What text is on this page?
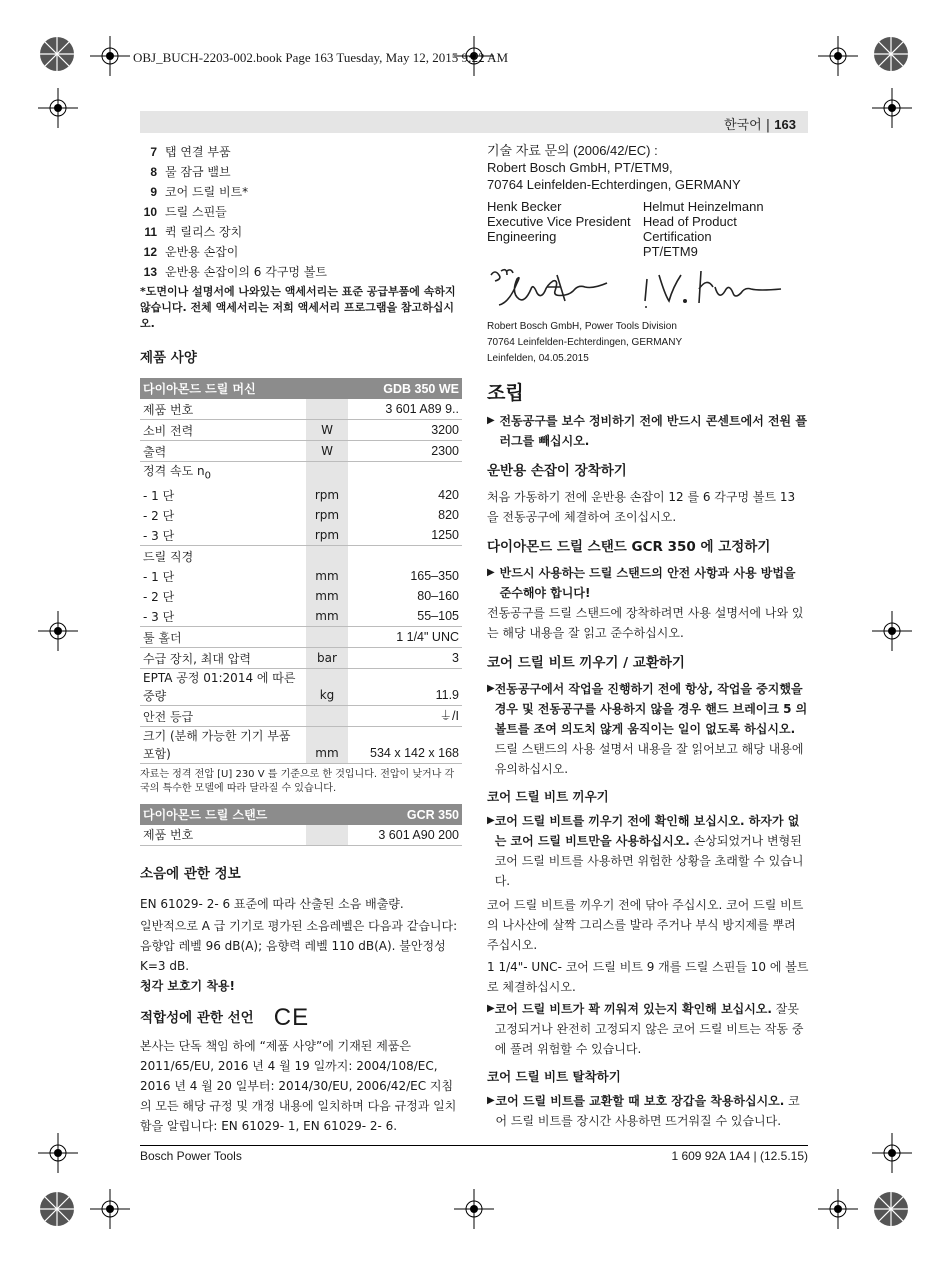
OBJ_BUCH-2203-002.book Page 163 Tuesday, May 12, 2015 9:22 AM
한국어 | 163
7 탭 연결 부품
8 물 잠금 밸브
9 코어 드릴 비트*
10 드릴 스핀들
11 퀵 릴리스 장치
12 운반용 손잡이
13 운반용 손잡이의 6 각구멍 볼트
*도면이나 설명서에 나와있는 액세서리는 표준 공급부품에 속하지 않습니다. 전체 액세서리는 저희 액세서리 프로그램을 참고하십시오.
제품 사양
다이아몬드 드릴 머신		GDB 350 WE
제품 번호		3 601 A89 9..
소비 전력	W	3200
출력	W	2300
정격 속도 $n_0$		
- 1 단	rpm	420
- 2 단	rpm	820
- 3 단	rpm	1250
드릴 직경		
- 1 단	mm	165–350
- 2 단	mm	80–160
- 3 단	mm	55–105
툴 홀더		1 1/4" UNC
수급 장치, 최대 압력	bar	3
EPTA 공정 01:2014 에 따른 중량	kg	11.9
안전 등급		⏚/I
크기 (분해 가능한 기기 부품 포함)	mm	534 x 142 x 168
자료는 정격 전압 [U] 230 V 를 기준으로 한 것입니다. 전압이 낮거나 각국의 특수한 모델에 따라 달라질 수 있습니다.
다이아몬드 드릴 스탠드		GCR 350
제품 번호		3 601 A90 200
소음에 관한 정보
EN 61029- 2- 6 표준에 따라 산출된 소음 배출량.
일반적으로 A 급 기기로 평가된 소음레벨은 다음과 같습니다: 음향압 레벨 96 dB(A); 음향력 레벨 110 dB(A). 불안정성 K=3 dB.
청각 보호기 착용!
적합성에 관한 선언 CE
본사는 단독 책임 하에 “제품 사양”에 기재된 제품은 2011/65/EU, 2016 년 4 월 19 일까지: 2004/108/EC, 2016 년 4 월 20 일부터: 2014/30/EU, 2006/42/EC 지침의 모든 해당 규정 및 개정 내용에 일치하며 다음 규정과 일치함을 알립니다: EN 61029- 1, EN 61029- 2- 6.
기술 자료 문의 (2006/42/EC) :
Robert Bosch GmbH, PT/ETM9,
70764 Leinfelden-Echterdingen, GERMANY
Henk Becker
Executive Vice President
Engineering
Helmut Heinzelmann
Head of Product Certification
PT/ETM9
Robert Bosch GmbH, Power Tools Division
70764 Leinfelden-Echterdingen, GERMANY
Leinfelden, 04.05.2015
조립
▶ 전동공구를 보수 정비하기 전에 반드시 콘센트에서 전원 플러그를 빼십시오.
운반용 손잡이 장착하기
처음 가동하기 전에 운반용 손잡이 12 를 6 각구멍 볼트 13 을 전동공구에 체결하여 조이십시오.
다이아몬드 드릴 스탠드 GCR 350 에 고정하기
▶ 반드시 사용하는 드릴 스탠드의 안전 사항과 사용 방법을 준수해야 합니다!
전동공구를 드릴 스탠드에 장착하려면 사용 설명서에 나와 있는 해당 내용을 잘 읽고 준수하십시오.
코어 드릴 비트 끼우기 / 교환하기
▶ 전동공구에서 작업을 진행하기 전에 항상, 작업을 중지했을 경우 및 전동공구를 사용하지 않을 경우 핸드 브레이크 5 의 볼트를 조여 의도치 않게 움직이는 일이 없도록 하십시오. 드릴 스탠드의 사용 설명서 내용을 잘 읽어보고 해당 내용에 유의하십시오.
코어 드릴 비트 끼우기
▶ 코어 드릴 비트를 끼우기 전에 확인해 보십시오. 하자가 없는 코어 드릴 비트만을 사용하십시오. 손상되었거나 변형된 코어 드릴 비트를 사용하면 위험한 상황을 초래할 수 있습니다.
코어 드릴 비트를 끼우기 전에 닦아 주십시오. 코어 드릴 비트의 나사산에 살짝 그리스를 발라 주거나 부식 방지제를 뿌려 주십시오.
1 1/4"- UNC- 코어 드릴 비트 9 개를 드릴 스핀들 10 에 볼트로 체결하십시오.
▶ 코어 드릴 비트가 꽉 끼워져 있는지 확인해 보십시오. 잘못 고정되거나 완전히 고정되지 않은 코어 드릴 비트는 작동 중에 풀려 위험할 수 있습니다.
코어 드릴 비트 탈착하기
▶ 코어 드릴 비트를 교환할 때 보호 장갑을 착용하십시오. 코어 드릴 비트를 장시간 사용하면 뜨거워질 수 있습니다.
Bosch Power Tools	1 609 92A 1A4 | (12.5.15)
